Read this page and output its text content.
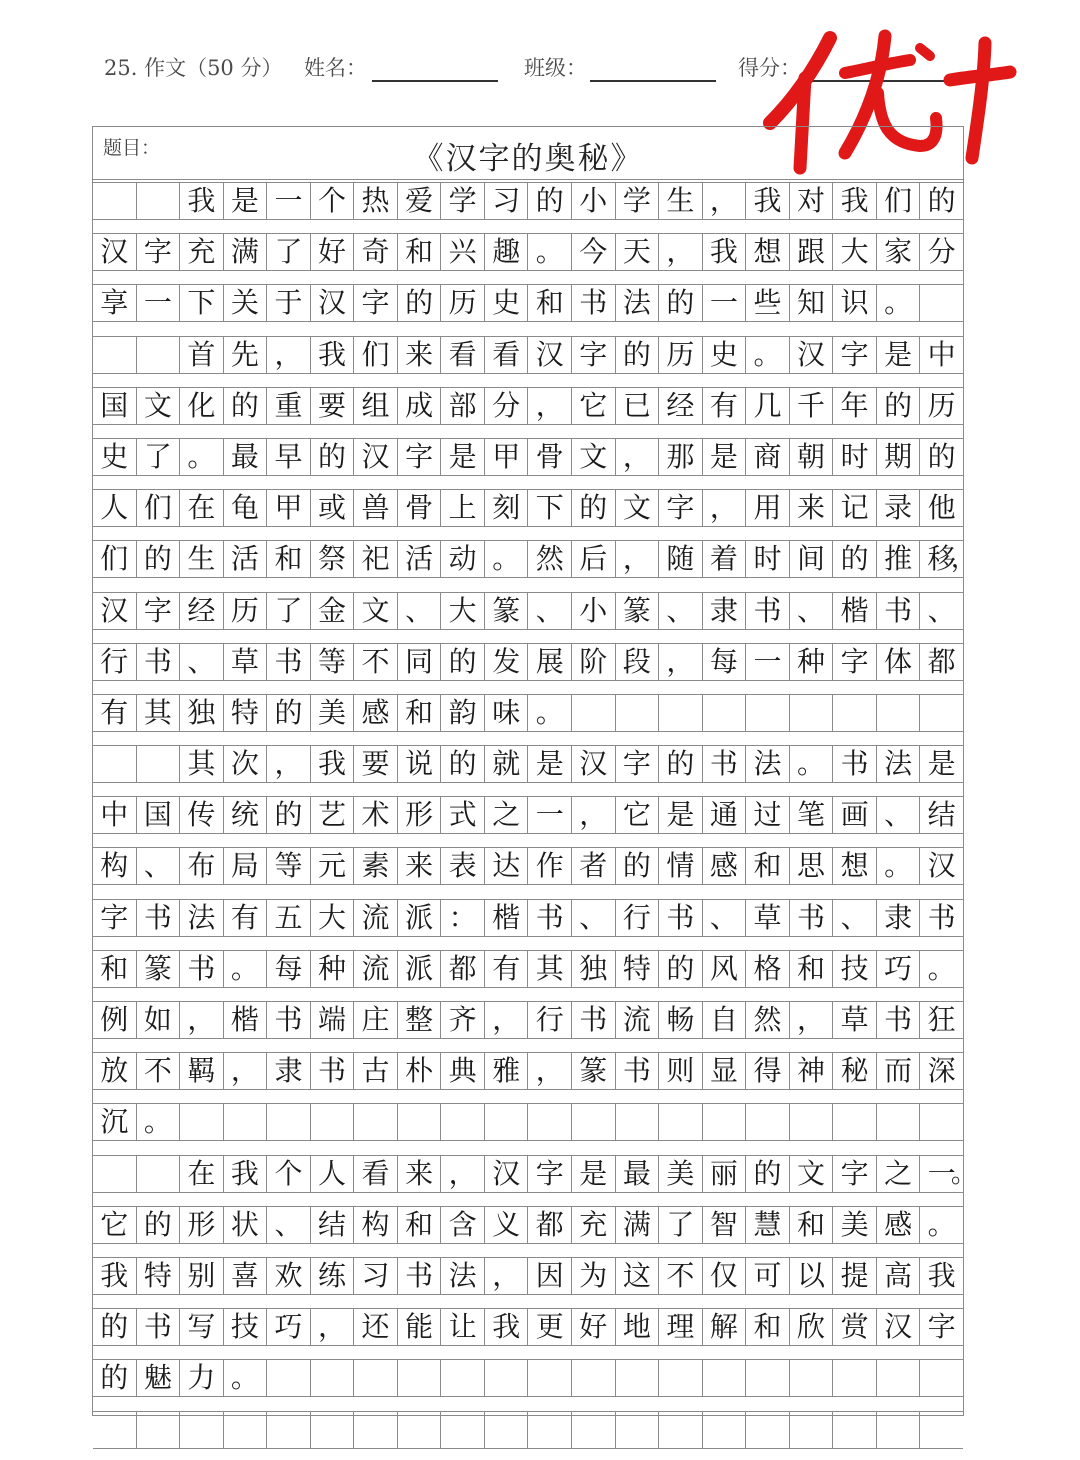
25. 作文（50 分） 姓名：	班级：	得分：
题目：	《汉字的奥秘》
我 是 一 个 热 爱 学 习 的 小 学 生 ， 我 对 我 们 的
汉 字 充 满 了 好 奇 和 兴 趣 。 今 天 ， 我 想 跟 大 家 分
享 一 下 关 于 汉 字 的 历 史 和 书 法 的 一 些 知 识 。
首 先 ， 我 们 来 看 看 汉 字 的 历 史 。 汉 字 是 中
国 文 化 的 重 要 组 成 部 分 ， 它 已 经 有 几 千 年 的 历
史 了 。 最 早 的 汉 字 是 甲 骨 文 ， 那 是 商 朝 时 期 的
人 们 在 龟 甲 或 兽 骨 上 刻 下 的 文 字 ， 用 来 记 录 他
们 的 生 活 和 祭 祀 活 动 。 然 后 ， 随 着 时 间 的 推 移
，
汉 字 经 历 了 金 文 、 大 篆 、 小 篆 、 隶 书 、 楷 书 、
行 书 、 草 书 等 不 同 的 发 展 阶 段 ， 每 一 种 字 体 都
有 其 独 特 的 美 感 和 韵 味 。
其 次 ， 我 要 说 的 就 是 汉 字 的 书 法 。 书 法 是
中 国 传 统 的 艺 术 形 式 之 一 ， 它 是 通 过 笔 画 、 结
构 、 布 局 等 元 素 来 表 达 作 者 的 情 感 和 思 想 。 汉
字 书 法 有 五 大 流 派 ： 楷 书 、 行 书 、 草 书 、 隶 书
和 篆 书 。 每 种 流 派 都 有 其 独 特 的 风 格 和 技 巧 。
例 如 ， 楷 书 端 庄 整 齐 ， 行 书 流 畅 自 然 ， 草 书 狂
放 不 羁 ， 隶 书 古 朴 典 雅 ， 篆 书 则 显 得 神 秘 而 深
沉 。
在 我 个 人 看 来 ， 汉 字 是 最 美 丽 的 文 字 之 一
。
它 的 形 状 、 结 构 和 含 义 都 充 满 了 智 慧 和 美 感 。
我 特 别 喜 欢 练 习 书 法 ， 因 为 这 不 仅 可 以 提 高 我
的 书 写 技 巧 ， 还 能 让 我 更 好 地 理 解 和 欣 赏 汉 字
的 魅 力 。
